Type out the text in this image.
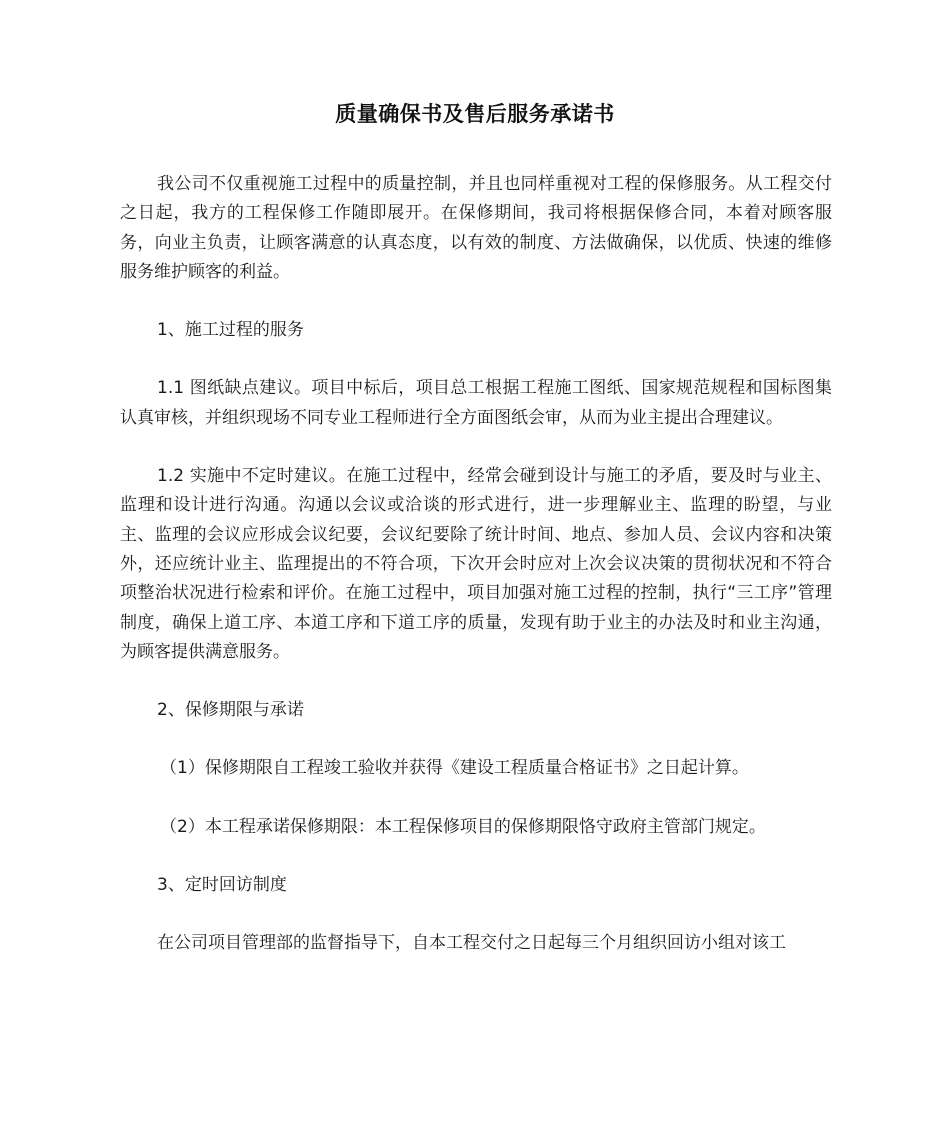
质量确保书及售后服务承诺书

我公司不仅重视施工过程中的质量控制，并且也同样重视对工程的保修服务。从工程交付之日起，我方的工程保修工作随即展开。在保修期间，我司将根据保修合同，本着对顾客服务，向业主负责，让顾客满意的认真态度，以有效的制度、方法做确保，以优质、快速的维修服务维护顾客的利益。

1、施工过程的服务

1.1 图纸缺点建议。项目中标后，项目总工根据工程施工图纸、国家规范规程和国标图集认真审核，并组织现场不同专业工程师进行全方面图纸会审，从而为业主提出合理建议。

1.2 实施中不定时建议。在施工过程中，经常会碰到设计与施工的矛盾，要及时与业主、监理和设计进行沟通。沟通以会议或洽谈的形式进行，进一步理解业主、监理的盼望，与业主、监理的会议应形成会议纪要，会议纪要除了统计时间、地点、参加人员、会议内容和决策外，还应统计业主、监理提出的不符合项，下次开会时应对上次会议决策的贯彻状况和不符合项整治状况进行检索和评价。在施工过程中，项目加强对施工过程的控制，执行“三工序”管理制度，确保上道工序、本道工序和下道工序的质量，发现有助于业主的办法及时和业主沟通，为顾客提供满意服务。

2、保修期限与承诺

（1）保修期限自工程竣工验收并获得《建设工程质量合格证书》之日起计算。

（2）本工程承诺保修期限：本工程保修项目的保修期限恪守政府主管部门规定。

3、定时回访制度

在公司项目管理部的监督指导下，自本工程交付之日起每三个月组织回访小组对该工
